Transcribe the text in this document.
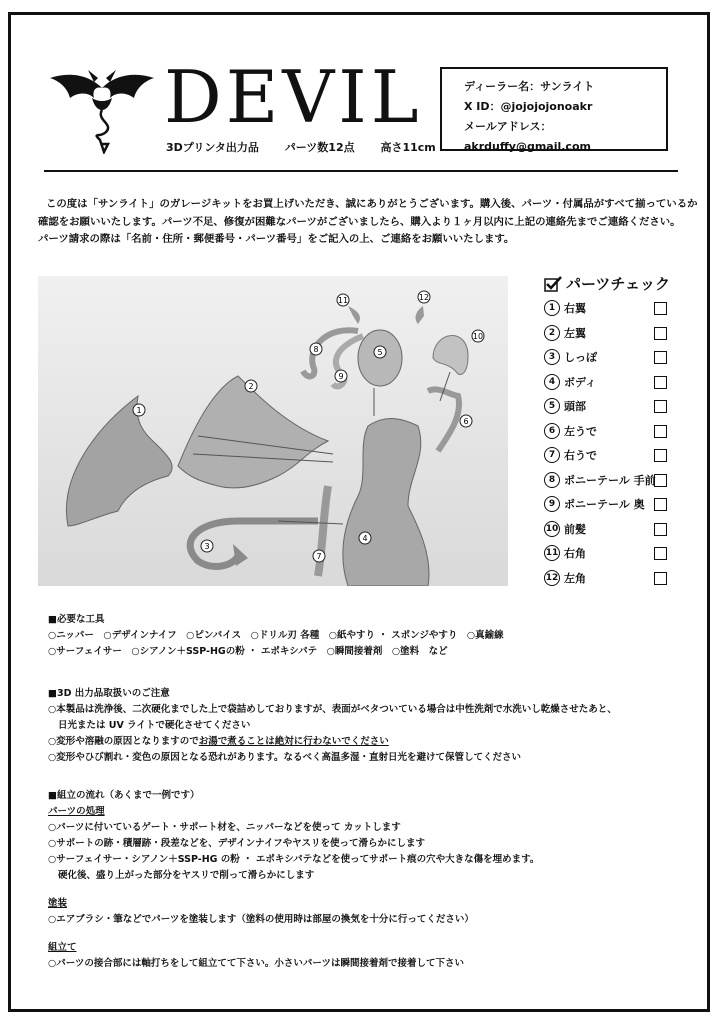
DEVIL
3Dプリンタ出力品 パーツ数12点 高さ11cm
ディーラー名：サンライト
X ID：@jojojojonoakr
メールアドレス：akrduffy@gmail.com

この度は「サンライト」のガレージキットをお買上げいただき、誠にありがとうございます。購入後、パーツ・付属品がすべて揃っているか

確認をお願いいたします。パーツ不足、修復が困難なパーツがございましたら、購入より１ヶ月以内に上記の連絡先までご連絡ください。

パーツ請求の際は「名前・住所・郵便番号・パーツ番号」をご記入の上、ご連絡をお願いいたします。

1
2
3
4
5
6
7
8
9
10
11	12
パーツチェック
1 右翼
2 左翼
3 しっぽ
4 ボディ
5 頭部
6 左うで
7 右うで
8 ポニーテール 手前
9 ポニーテール 奥
10 前髪
11 右角
12 左角

■必要な工具

○ニッパー　○デザインナイフ　○ピンバイス　○ドリル刃 各種　○紙やすり ・ スポンジやすり　○真鍮線

○サーフェイサー　○シアノン＋SSP-HGの粉 ・ エポキシパテ　○瞬間接着剤　○塗料　など

■3D 出力品取扱いのご注意

○本製品は洗浄後、二次硬化までした上で袋詰めしておりますが、表面がベタついている場合は中性洗剤で水洗いし乾燥させたあと、

日光または UV ライトで硬化させてください

○変形や溶融の原因となりますのでお湯で煮ることは絶対に行わないでください

○変形やひび割れ・変色の原因となる恐れがあります。なるべく高温多湿・直射日光を避けて保管してください

■組立の流れ（あくまで一例です）

パーツの処理

○パーツに付いているゲート・サポート材を、ニッパーなどを使って カットします

○サポートの跡・積層跡・段差などを、デザインナイフやヤスリを使って滑らかにします

○サーフェイサー・シアノン＋SSP-HG の粉 ・ エポキシパテなどを使ってサポート痕の穴や大きな傷を埋めます。

硬化後、盛り上がった部分をヤスリで削って滑らかにします

塗装

○エアブラシ・筆などでパーツを塗装します（塗料の使用時は部屋の換気を十分に行ってください）

組立て

○パーツの接合部には軸打ちをして組立てて下さい。小さいパーツは瞬間接着剤で接着して下さい
